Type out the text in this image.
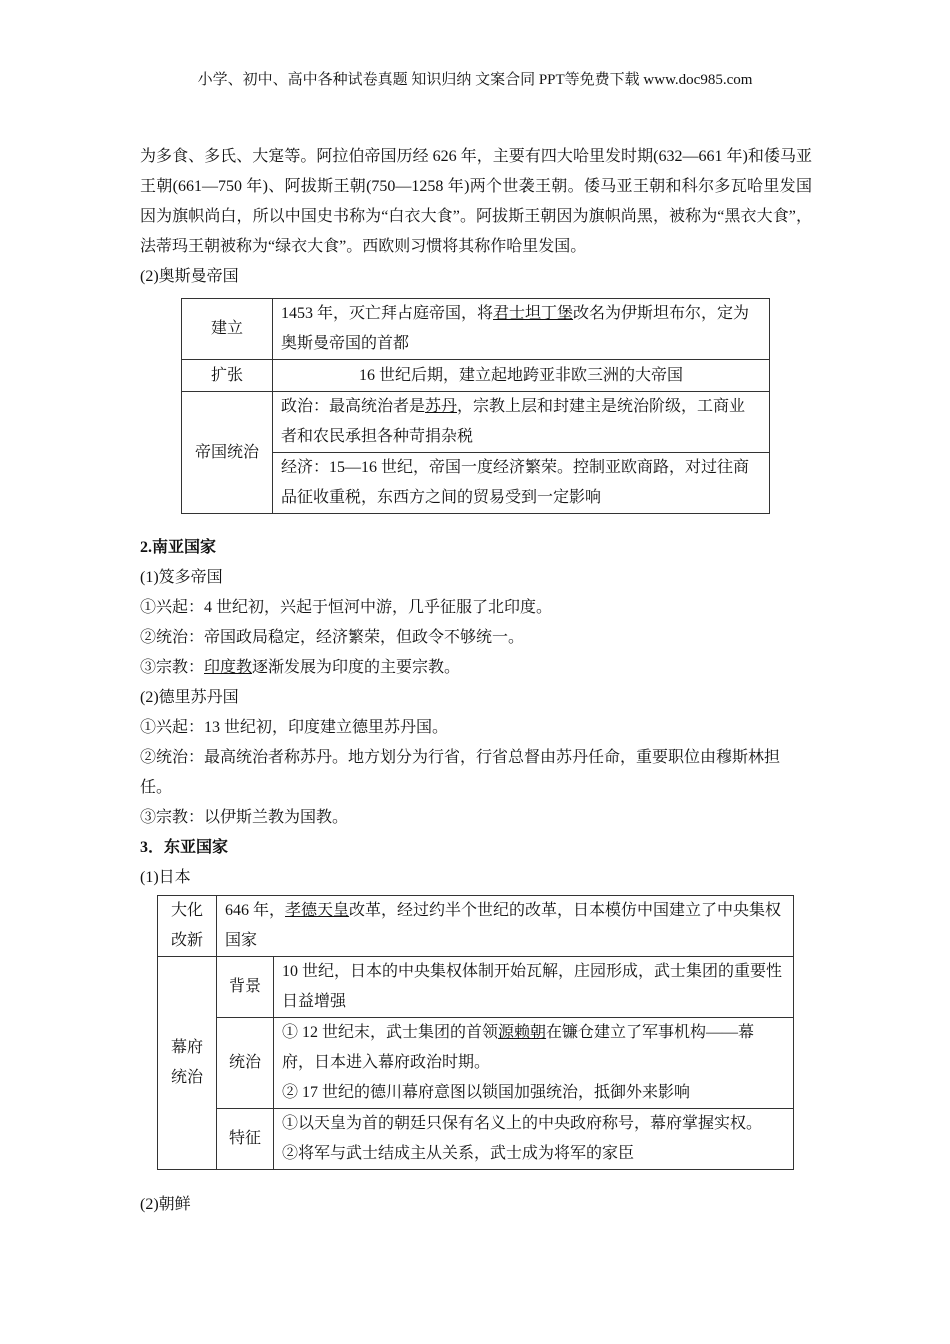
小学、初中、高中各种试卷真题 知识归纳 文案合同 PPT等免费下载 www.doc985.com
为多食、多氏、大寔等。阿拉伯帝国历经 626 年，主要有四大哈里发时期(632—661 年)和倭马亚王朝(661—750 年)、阿拔斯王朝(750—1258 年)两个世袭王朝。倭马亚王朝和科尔多瓦哈里发国因为旗帜尚白，所以中国史书称为“白衣大食”。阿拔斯王朝因为旗帜尚黑，被称为“黑衣大食”，法蒂玛王朝被称为“绿衣大食”。西欧则习惯将其称作哈里发国。
(2)奥斯曼帝国
建立	1453 年，灭亡拜占庭帝国，将君士坦丁堡改名为伊斯坦布尔，定为奥斯曼帝国的首都
扩张	16 世纪后期，建立起地跨亚非欧三洲的大帝国
帝国统治	政治：最高统治者是苏丹，宗教上层和封建主是统治阶级，工商业者和农民承担各种苛捐杂税
	经济：15—16 世纪，帝国一度经济繁荣。控制亚欧商路，对过往商品征收重税，东西方之间的贸易受到一定影响
2.南亚国家
(1)笈多帝国
①兴起：4 世纪初，兴起于恒河中游，几乎征服了北印度。
②统治：帝国政局稳定，经济繁荣，但政令不够统一。
③宗教：印度教逐渐发展为印度的主要宗教。
(2)德里苏丹国
①兴起：13 世纪初，印度建立德里苏丹国。
②统治：最高统治者称苏丹。地方划分为行省，行省总督由苏丹任命，重要职位由穆斯林担
任。
③宗教：以伊斯兰教为国教。
3．东亚国家
(1)日本
大化改新	646 年，孝德天皇改革，经过约半个世纪的改革，日本模仿中国建立了中央集权国家	
幕府统治	背景	10 世纪，日本的中央集权体制开始瓦解，庄园形成，武士集团的重要性日益增强
	统治	① 12 世纪末，武士集团的首领源赖朝在镰仓建立了军事机构——幕府，日本进入幕府政治时期。
② 17 世纪的德川幕府意图以锁国加强统治，抵御外来影响
	特征	①以天皇为首的朝廷只保有名义上的中央政府称号，幕府掌握实权。
②将军与武士结成主从关系，武士成为将军的家臣
(2)朝鲜
